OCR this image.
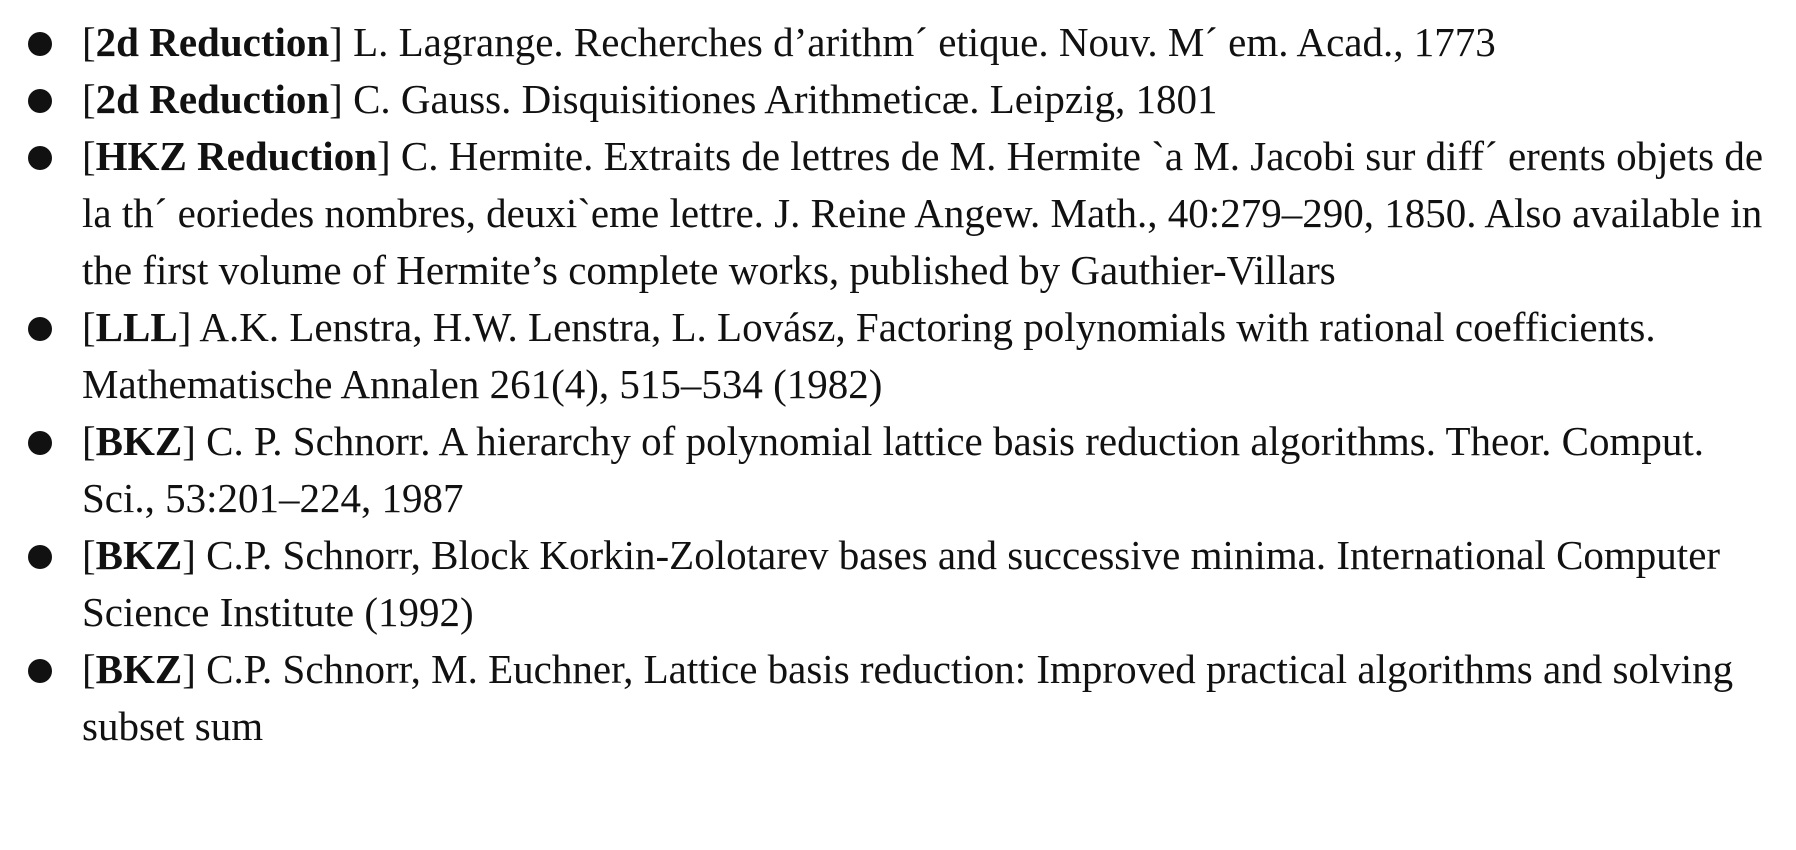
[2d Reduction] L. Lagrange. Recherches d’arithm´ etique. Nouv. M´ em. Acad., 1773
[2d Reduction] C. Gauss. Disquisitiones Arithmeticæ. Leipzig, 1801
[HKZ Reduction] C. Hermite. Extraits de lettres de M. Hermite `a M. Jacobi sur diff´ erents objets de la th´ eoriedes nombres, deuxi`eme lettre. J. Reine Angew. Math., 40:279–290, 1850. Also available in the first volume of Hermite’s complete works, published by Gauthier-Villars
[LLL] A.K. Lenstra, H.W. Lenstra, L. Lovász, Factoring polynomials with rational coefficients. Mathematische Annalen 261(4), 515–534 (1982)
[BKZ] C. P. Schnorr. A hierarchy of polynomial lattice basis reduction algorithms. Theor. Comput. Sci., 53:201–224, 1987
[BKZ] C.P. Schnorr, Block Korkin-Zolotarev bases and successive minima. International Computer Science Institute (1992)
[BKZ] C.P. Schnorr, M. Euchner, Lattice basis reduction: Improved practical algorithms and solving subset sum
